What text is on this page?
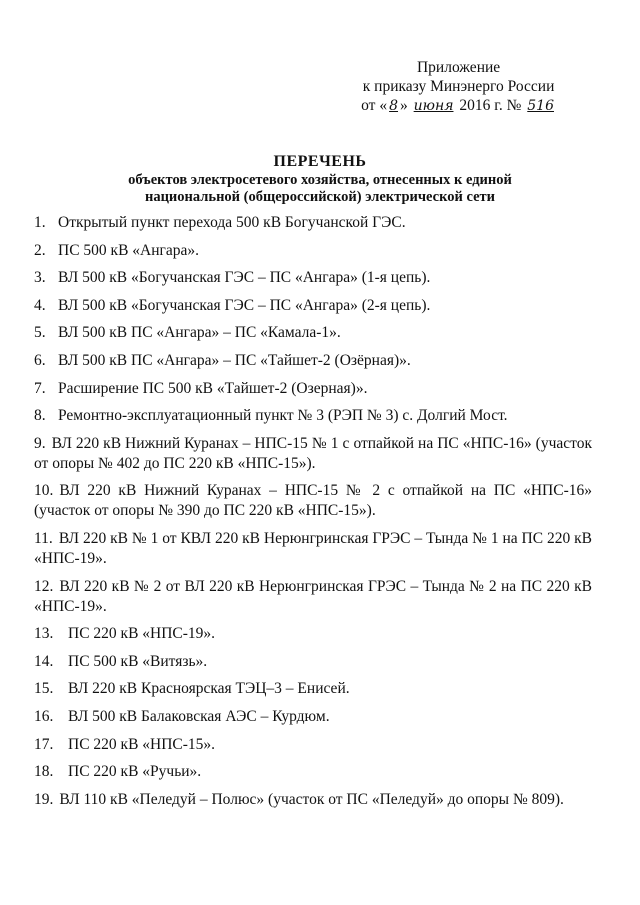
Приложение
к приказу Минэнерго России
от « 8 » июня 2016 г. № 516
ПЕРЕЧЕНЬ
объектов электросетевого хозяйства, отнесенных к единой
национальной (общероссийской) электрической сети
1. Открытый пункт перехода 500 кВ Богучанской ГЭС.
2. ПС 500 кВ «Ангара».
3. ВЛ 500 кВ «Богучанская ГЭС – ПС «Ангара» (1-я цепь).
4. ВЛ 500 кВ «Богучанская ГЭС – ПС «Ангара» (2-я цепь).
5. ВЛ 500 кВ ПС «Ангара» – ПС «Камала-1».
6. ВЛ 500 кВ ПС «Ангара» – ПС «Тайшет-2 (Озёрная)».
7. Расширение ПС 500 кВ «Тайшет-2 (Озерная)».
8. Ремонтно-эксплуатационный пункт № 3 (РЭП № 3) с. Долгий Мост.
9. ВЛ 220 кВ Нижний Куранах – НПС-15 № 1 с отпайкой на ПС «НПС-16» (участок от опоры № 402 до ПС 220 кВ «НПС-15»).
10. ВЛ 220 кВ Нижний Куранах – НПС-15 № 2 с отпайкой на ПС «НПС-16» (участок от опоры № 390 до ПС 220 кВ «НПС-15»).
11. ВЛ 220 кВ № 1 от КВЛ 220 кВ Нерюнгринская ГРЭС – Тында № 1 на ПС 220 кВ «НПС-19».
12. ВЛ 220 кВ № 2 от ВЛ 220 кВ Нерюнгринская ГРЭС – Тында № 2 на ПС 220 кВ «НПС-19».
13. ПС 220 кВ «НПС-19».
14. ПС 500 кВ «Витязь».
15. ВЛ 220 кВ Красноярская ТЭЦ–3 – Енисей.
16. ВЛ 500 кВ Балаковская АЭС – Курдюм.
17. ПС 220 кВ «НПС-15».
18. ПС 220 кВ «Ручьи».
19. ВЛ 110 кВ «Пеледуй – Полюс» (участок от ПС «Пеледуй» до опоры № 809).
